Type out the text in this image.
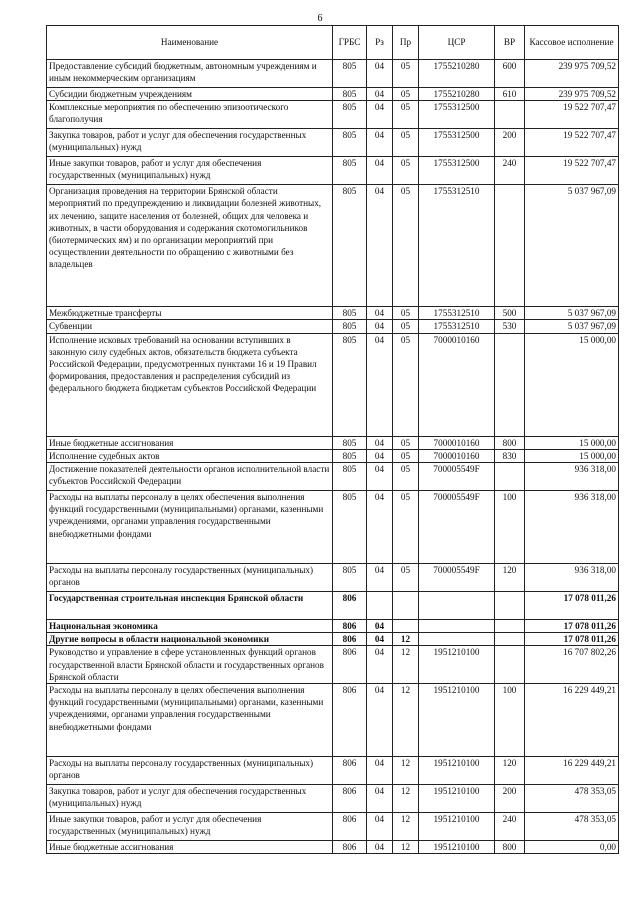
6
Наименование	ГРБС	Рз	Пр	ЦСР	ВР	Кассовое исполнение
Предоставление субсидий бюджетным, автономным учреждениям и иным некоммерческим организациям	805	04	05	1755210280	600	239 975 709,52
Субсидии бюджетным учреждениям	805	04	05	1755210280	610	239 975 709,52
Комплексные мероприятия по обеспечению эпизоотического благополучия	805	04	05	1755312500		19 522 707,47
Закупка товаров, работ и услуг для обеспечения государственных (муниципальных) нужд	805	04	05	1755312500	200	19 522 707,47
Иные закупки товаров, работ и услуг для обеспечения государственных (муниципальных) нужд	805	04	05	1755312500	240	19 522 707,47
Организация проведения на территории Брянской области мероприятий по предупреждению и ликвидации болезней животных, их лечению, защите населения от болезней, общих для человека и животных, в части оборудования и содержания скотомогильников (биотермических ям) и по организации мероприятий при осуществлении деятельности по обращению с животными без владельцев	805	04	05	1755312510		5 037 967,09
Межбюджетные трансферты	805	04	05	1755312510	500	5 037 967,09
Субвенции	805	04	05	1755312510	530	5 037 967,09
Исполнение исковых требований на основании вступивших в законную силу судебных актов, обязательств бюджета субъекта Российской Федерации, предусмотренных пунктами 16 и 19 Правил формирования, предоставления и распределения субсидий из федерального бюджета бюджетам субъектов Российской Федерации	805	04	05	7000010160		15 000,00
Иные бюджетные ассигнования	805	04	05	7000010160	800	15 000,00
Исполнение судебных актов	805	04	05	7000010160	830	15 000,00
Достижение показателей деятельности органов исполнительной власти субъектов Российской Федерации	805	04	05	700005549F		936 318,00
Расходы на выплаты персоналу в целях обеспечения выполнения функций государственными (муниципальными) органами, казенными учреждениями, органами управления государственными внебюджетными фондами	805	04	05	700005549F	100	936 318,00
Расходы на выплаты персоналу государственных (муниципальных) органов	805	04	05	700005549F	120	936 318,00
Государственная строительная инспекция Брянской области	806					17 078 011,26
Национальная экономика	806	04				17 078 011,26
Другие вопросы в области национальной экономики	806	04	12			17 078 011,26
Руководство и управление в сфере установленных функций органов государственной власти Брянской области и государственных органов Брянской области	806	04	12	1951210100		16 707 802,26
Расходы на выплаты персоналу в целях обеспечения выполнения функций государственными (муниципальными) органами, казенными учреждениями, органами управления государственными внебюджетными фондами	806	04	12	1951210100	100	16 229 449,21
Расходы на выплаты персоналу государственных (муниципальных) органов	806	04	12	1951210100	120	16 229 449,21
Закупка товаров, работ и услуг для обеспечения государственных (муниципальных) нужд	806	04	12	1951210100	200	478 353,05
Иные закупки товаров, работ и услуг для обеспечения государственных (муниципальных) нужд	806	04	12	1951210100	240	478 353,05
Иные бюджетные ассигнования	806	04	12	1951210100	800	0,00
